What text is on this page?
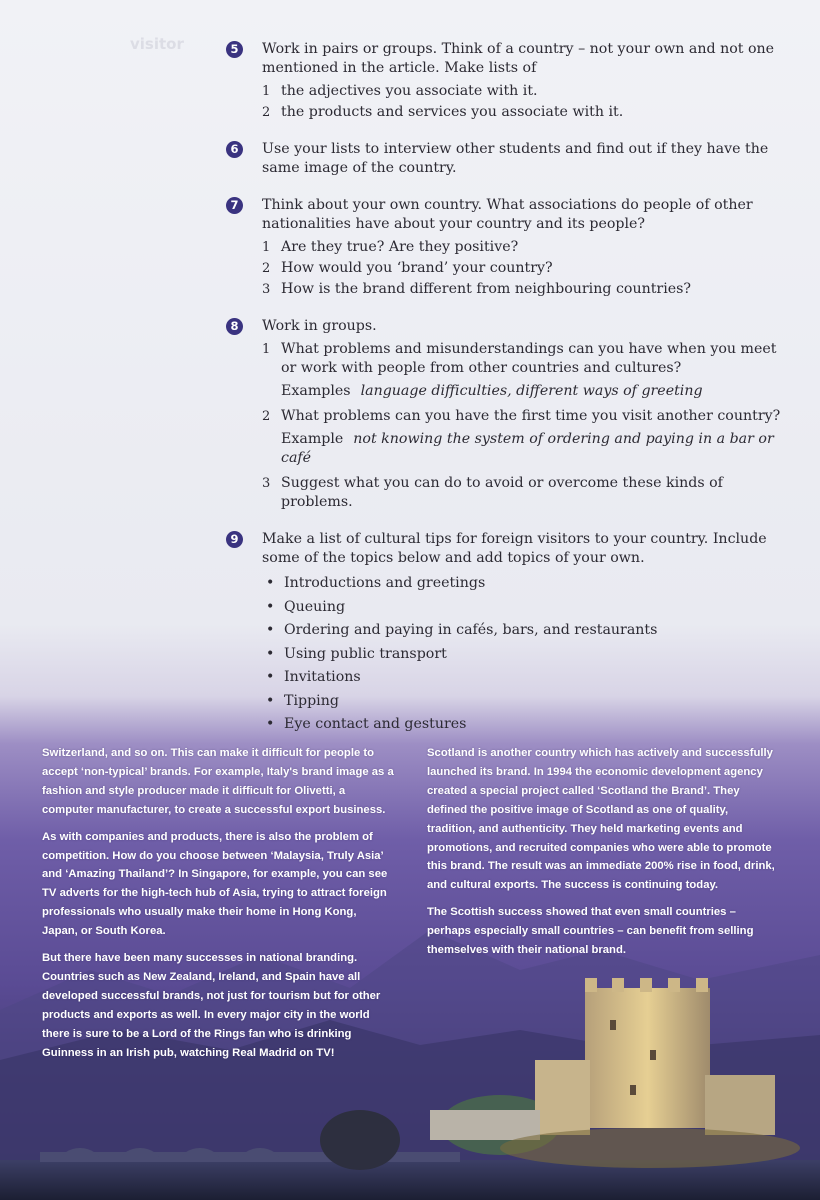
visitor	5	Work in pairs or groups. Think of a country – not your own and not one mentioned in the article. Make lists of
1 the adjectives you associate with it.
2 the products and services you associate with it.
6	Use your lists to interview other students and find out if they have the same image of the country.
7	Think about your own country. What associations do people of other nationalities have about your country and its people?
1 Are they true? Are they positive?
2 How would you ‘brand’ your country?
3 How is the brand different from neighbouring countries?
8	Work in groups.
1 What problems and misunderstandings can you have when you meet or work with people from other countries and cultures?
Examples language difficulties, different ways of greeting
2 What problems can you have the first time you visit another country?
Example not knowing the system of ordering and paying in a bar or café
3 Suggest what you can do to avoid or overcome these kinds of problems.
9	Make a list of cultural tips for foreign visitors to your country. Include some of the topics below and add topics of your own.
• Introductions and greetings
• Queuing
• Ordering and paying in cafés, bars, and restaurants
• Using public transport
• Invitations
• Tipping
• Eye contact and gestures

Switzerland, and so on. This can make it difficult for people to accept ‘non-typical’ brands. For example, Italy's brand image as a fashion and style producer made it difficult for Olivetti, a computer manufacturer, to create a successful export business.

As with companies and products, there is also the problem of competition. How do you choose between ‘Malaysia, Truly Asia’ and ‘Amazing Thailand’? In Singapore, for example, you can see TV adverts for the high-tech hub of Asia, trying to attract foreign professionals who usually make their home in Hong Kong, Japan, or South Korea.

But there have been many successes in national branding. Countries such as New Zealand, Ireland, and Spain have all developed successful brands, not just for tourism but for other products and exports as well. In every major city in the world there is sure to be a Lord of the Rings fan who is drinking Guinness in an Irish pub, watching Real Madrid on TV!

Scotland is another country which has actively and successfully launched its brand. In 1994 the economic development agency created a special project called ‘Scotland the Brand’. They defined the positive image of Scotland as one of quality, tradition, and authenticity. They held marketing events and promotions, and recruited companies who were able to promote this brand. The result was an immediate 200% rise in food, drink, and cultural exports. The success is continuing today.

The Scottish success showed that even small countries – perhaps especially small countries – can benefit from selling themselves with their national brand.
